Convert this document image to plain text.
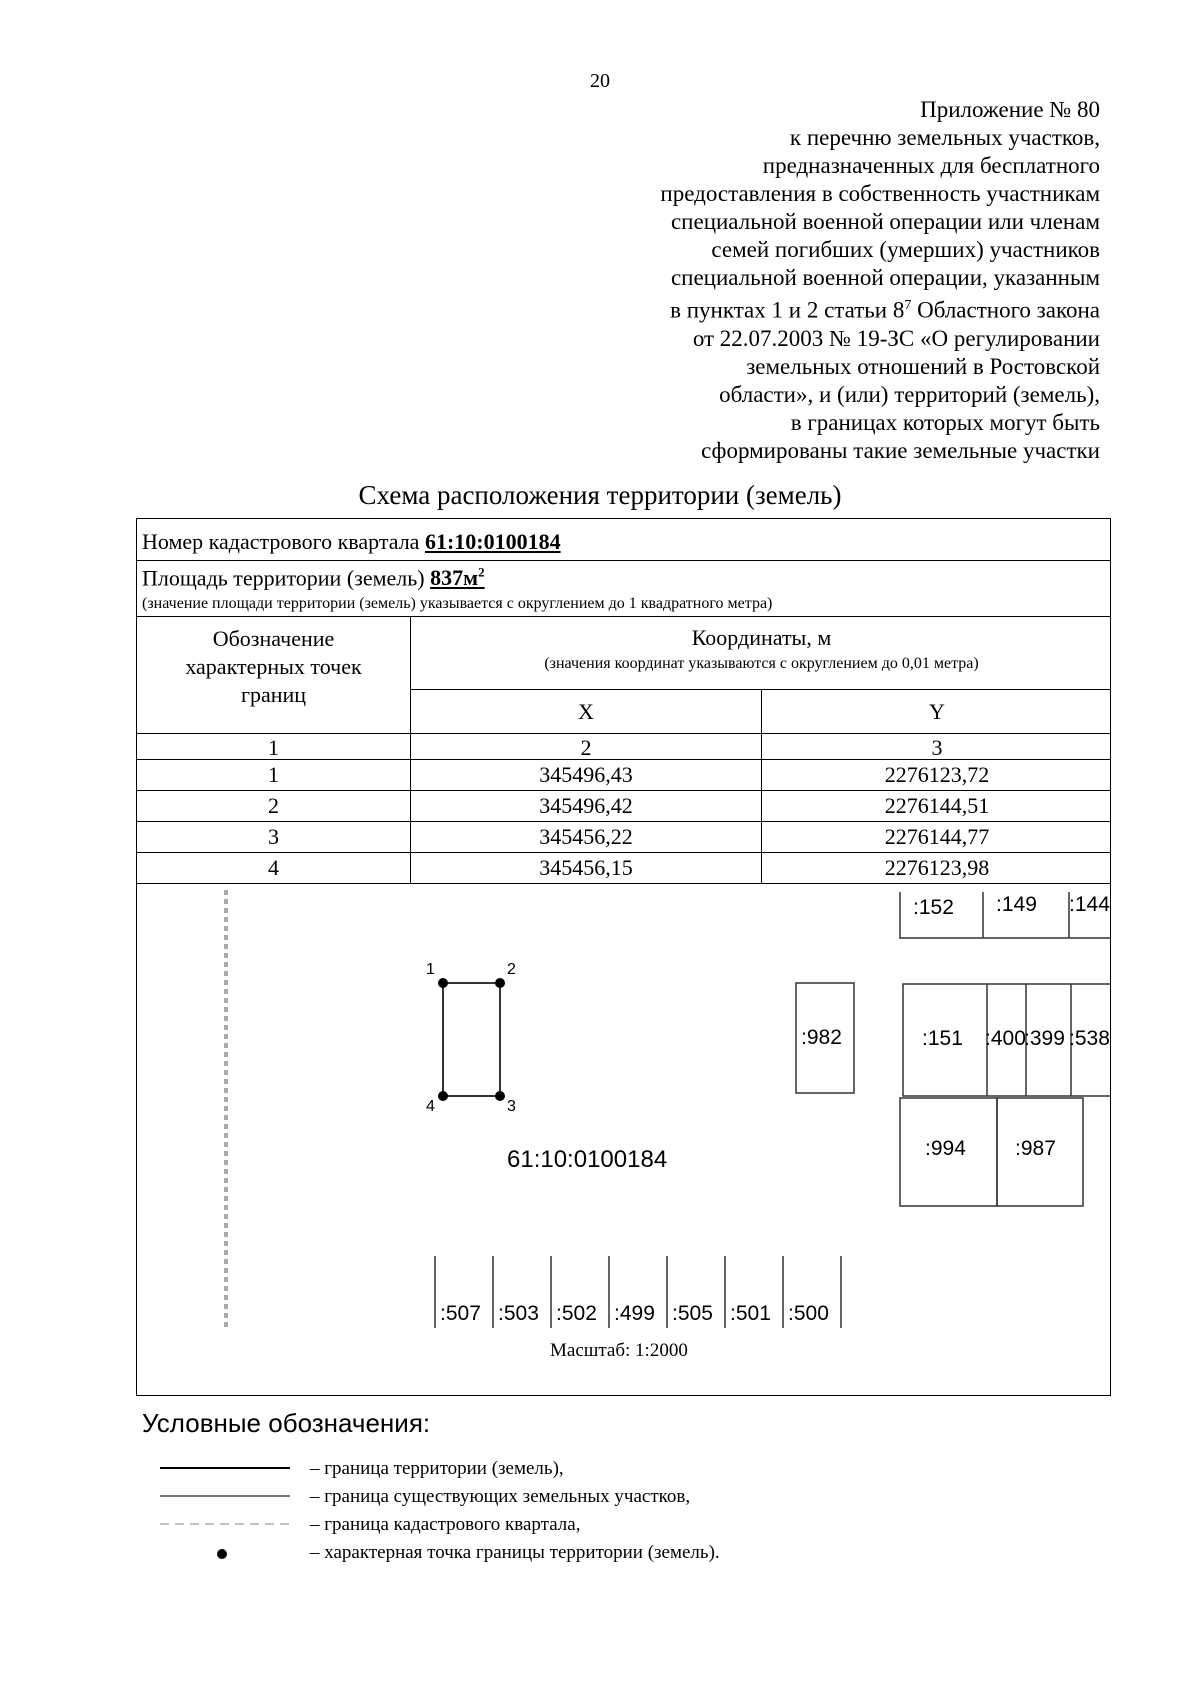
20
Приложение № 80
к перечню земельных участков,
предназначенных для бесплатного
предоставления в собственность участникам
специальной военной операции или членам
семей погибших (умерших) участников
специальной военной операции, указанным
в пунктах 1 и 2 статьи $8^7$ Областного закона
от 22.07.2003 № 19-ЗС «О регулировании
земельных отношений в Ростовской
области», и (или) территорий (земель),
в границах которых могут быть
сформированы такие земельные участки
Схема расположения территории (земель)
Номер кадастрового квартала 61:10:0100184
Площадь территории (земель) $837м^2$
(значение площади территории (земель) указывается с округлением до 1 квадратного метра)
Обозначение
характерных точек
границ
Координаты, м
(значения координат указываются с округлением до 0,01 метра)
X	Y
1	2	3
1	345496,43	2276123,72
2	345496,42	2276144,51
3	345456,22	2276144,77
4	345456,15	2276123,98
1	2
3
4
61:10:0100184
:152 :149 :144
:982	:151 :400
:399 :538
:994 :987
:507 :503 :502 :499 :505 :501 :500
Масштаб: 1:2000
Условные обозначения:
– граница территории (земель),
– граница существующих земельных участков,
– граница кадастрового квартала,
– характерная точка границы территории (земель).
